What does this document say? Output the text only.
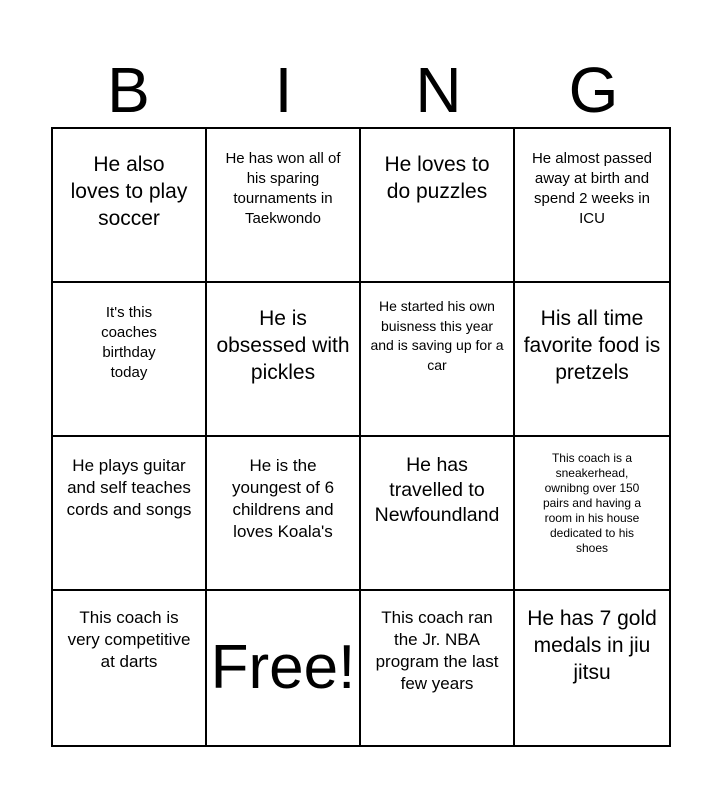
B	I	N	G
He also loves to play soccer
He has won all of his sparing tournaments in Taekwondo
He loves to do puzzles
He almost passed away at birth and spend 2 weeks in ICU
It's this coaches birthday today
He is obsessed with pickles
He started his own buisness this year and is saving up for a car
His all time favorite food is pretzels
He plays guitar and self teaches cords and songs
He is the youngest of 6 childrens and loves Koala's
He has travelled to Newfoundland
This coach is a sneakerhead, ownibng over 150 pairs and having a room in his house dedicated to his shoes
This coach is very competitive at darts Free!
This coach ran the Jr. NBA program the last few years
He has 7 gold medals in jiu jitsu
